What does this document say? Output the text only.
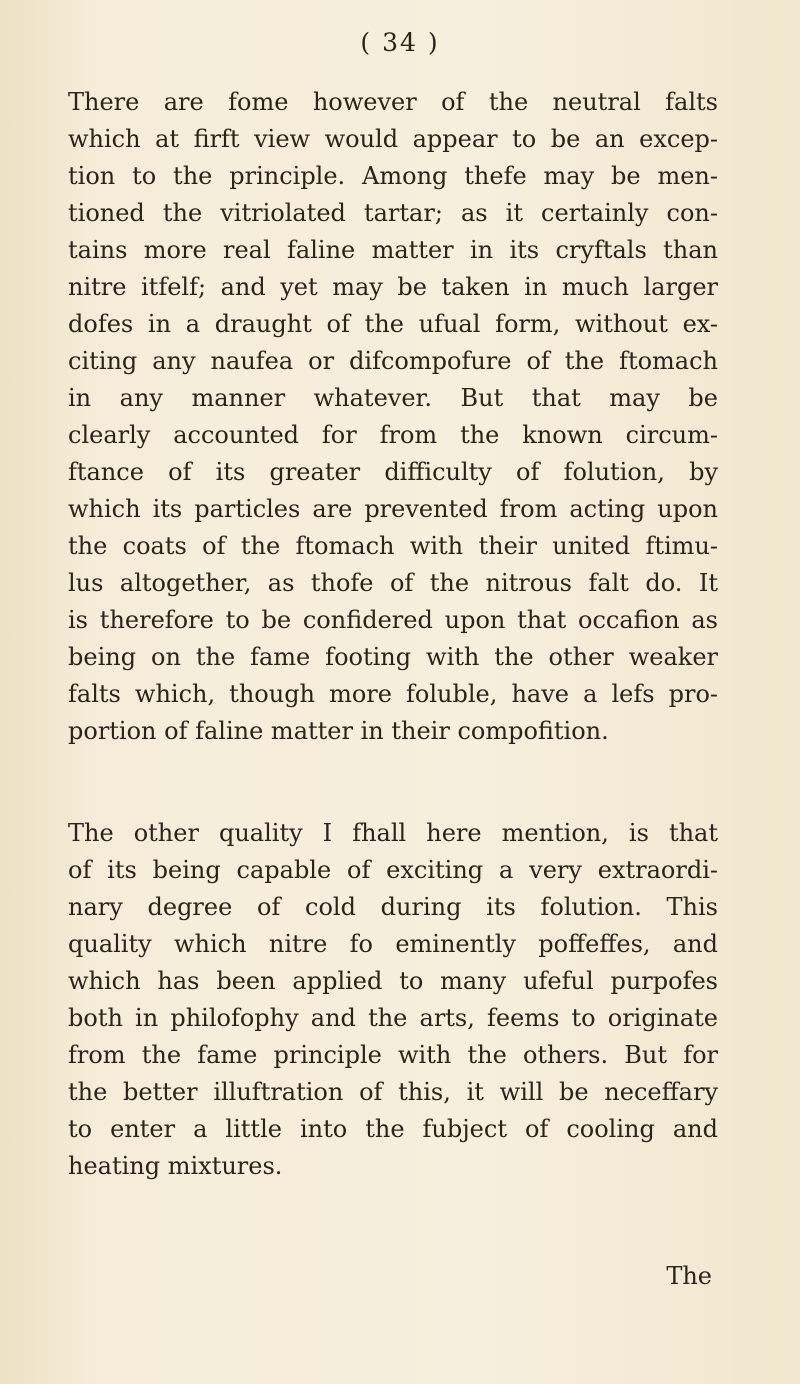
( 34 )
There are fome however of the neutral falts
which at firft view would appear to be an excep-
tion to the principle. Among thefe may be men-
tioned the vitriolated tartar; as it certainly con-
tains more real faline matter in its cryftals than
nitre itfelf; and yet may be taken in much larger
dofes in a draught of the ufual form, without ex-
citing any naufea or difcompofure of the ftomach
in any manner whatever. But that may be
clearly accounted for from the known circum-
ftance of its greater difficulty of folution, by
which its particles are prevented from acting upon
the coats of the ftomach with their united ftimu-
lus altogether, as thofe of the nitrous falt do. It
is therefore to be confidered upon that occafion as
being on the fame footing with the other weaker
falts which, though more foluble, have a lefs pro-
portion of faline matter in their compofition.
The other quality I fhall here mention, is that
of its being capable of exciting a very extraordi-
nary degree of cold during its folution. This
quality which nitre fo eminently poffeffes, and
which has been applied to many ufeful purpofes
both in philofophy and the arts, feems to originate
from the fame principle with the others. But for
the better illuftration of this, it will be neceffary
to enter a little into the fubject of cooling and
heating mixtures.
The
